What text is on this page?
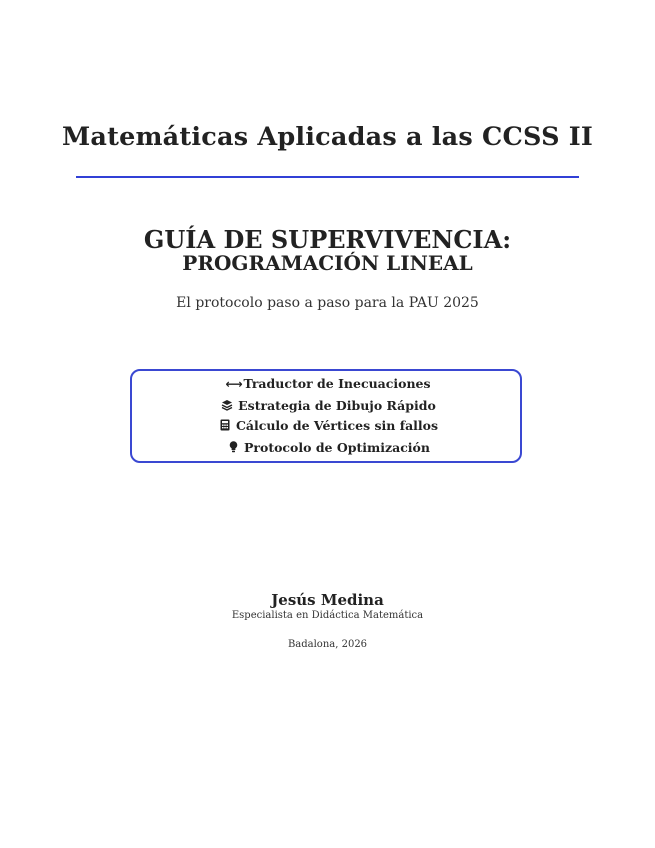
Matemáticas Aplicadas a las CCSS II
GUÍA DE SUPERVIVENCIA:
PROGRAMACIÓN LINEAL
El protocolo paso a paso para la PAU 2025
⟷Traductor de Inecuaciones
Estrategia de Dibujo Rápido
Cálculo de Vértices sin fallos
Protocolo de Optimización
Jesús Medina
Especialista en Didáctica Matemática
Badalona, 2026
